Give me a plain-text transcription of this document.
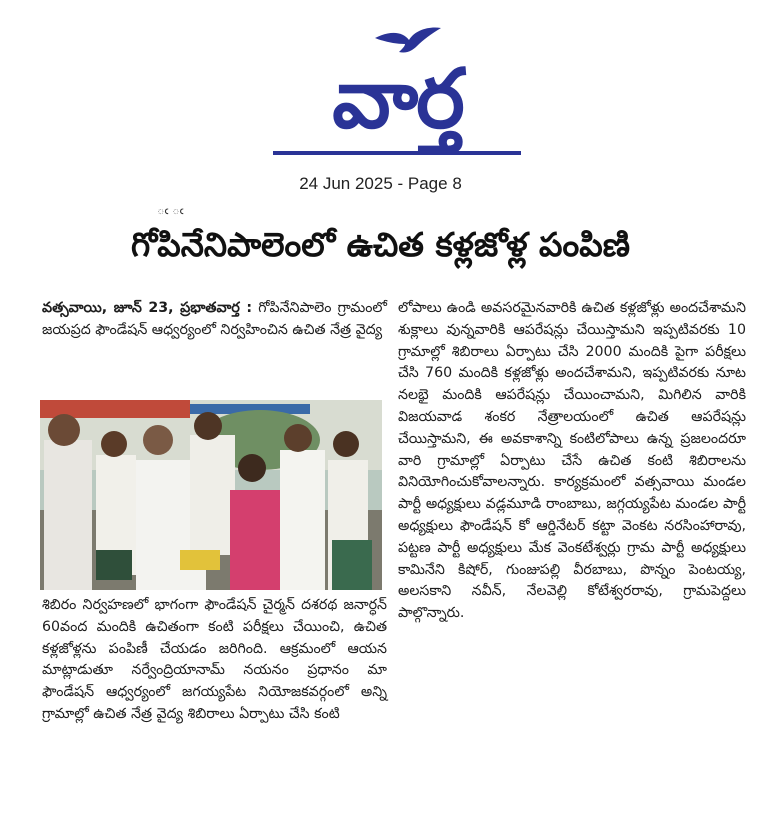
వార్త
24 Jun 2025 - Page 8
ఁ ఁ
గోపినేనిపాలెంలో ఉచిత కళ్లజోళ్ల పంపిణి
వత్సవాయి, జూన్ 23, ప్రభాతవార్త : గోపినేనిపాలెం గ్రామంలో జయప్రద ఫౌండేషన్ ఆధ్వర్యంలో నిర్వహించిన ఉచిత నేత్ర వైద్య
శిబిరం నిర్వహణలో భాగంగా ఫౌండేషన్ చైర్మన్ దశరథ జనార్ధన్ 60వంద మందికి ఉచితంగా కంటి పరీక్షలు చేయించి, ఉచిత కళ్లజోళ్లను పంపిణీ చేయడం జరిగింది. ఆక్రమంలో ఆయన మాట్లాడుతూ నర్వేంద్రియానామ్ నయనం ప్రధానం మా ఫౌండేషన్ ఆధ్వర్యంలో జగయ్యపేట నియోజకవర్గంలో అన్ని గ్రామాల్లో ఉచిత నేత్ర వైద్య శిబిరాలు ఏర్పాటు చేసి కంటి
లోపాలు ఉండి అవసరమైనవారికి ఉచిత కళ్లజోళ్లు అందచేశామని శుక్లాలు వున్నవారికి ఆపరేషన్లు చేయిస్తామని ఇప్పటివరకు 10 గ్రామాల్లో శిబిరాలు ఏర్పాటు చేసి 2000 మందికి పైగా పరీక్షలు చేసి 760 మందికి కళ్లజోళ్లు అందచేశామని, ఇప్పటివరకు నూట నలభై మందికి ఆపరేషన్లు చేయించామని, మిగిలిన వారికి విజయవాడ శంకర నేత్రాలయంలో ఉచిత ఆపరేషన్లు చేయిస్తామని, ఈ అవకాశాన్ని కంటిలోపాలు ఉన్న ప్రజలందరూ వారి గ్రామాల్లో ఏర్పాటు చేసే ఉచిత కంటి శిబిరాలను వినియోగించుకోవాలన్నారు. కార్యక్రమంలో వత్సవాయి మండల పార్టీ అధ్యక్షులు వడ్లమూడి రాంబాబు, జగ్గయ్యపేట మండల పార్టీ అధ్యక్షులు ఫౌండేషన్ కో ఆర్డినేటర్ కట్టా వెంకట నరసింహారావు, పట్టణ పార్టీ అధ్యక్షులు మేక వెంకటేశ్వర్లు గ్రామ పార్టీ అధ్యక్షులు కామినేని కిషోర్, గుంజుపల్లి వీరబాబు, పొన్నం పెంటయ్య, అలసకాని నవీన్, నేలవెల్లి కోటేశ్వరరావు, గ్రామపెద్దలు పాల్గొన్నారు.
